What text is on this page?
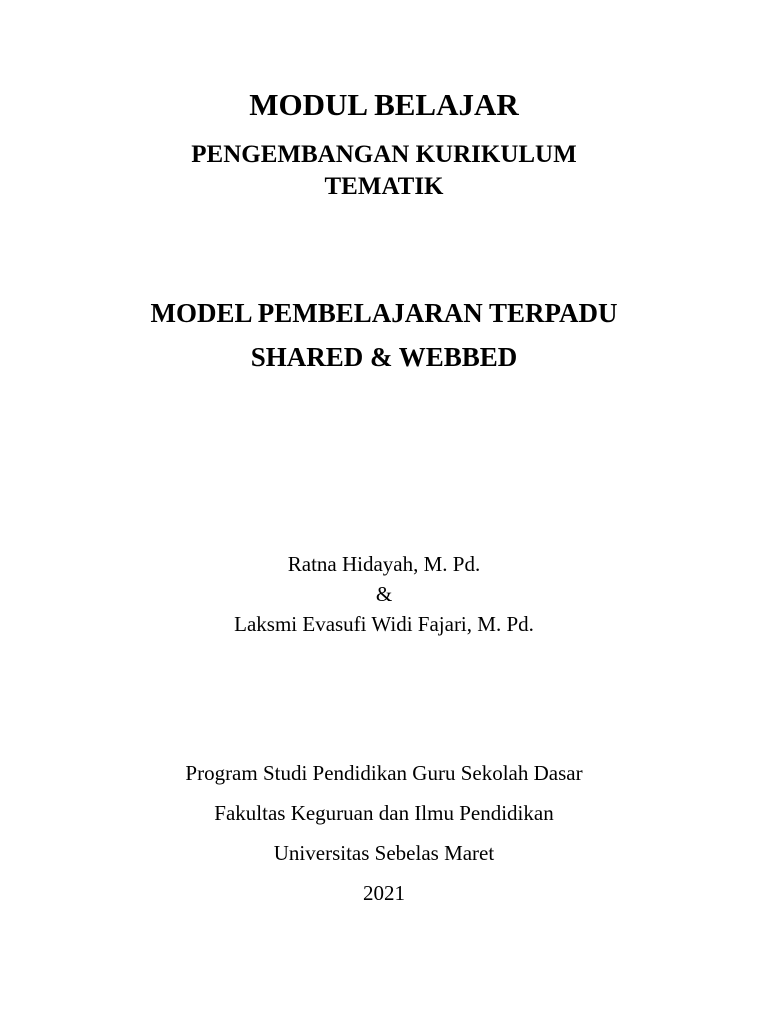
MODUL BELAJAR
PENGEMBANGAN KURIKULUM
TEMATIK
MODEL PEMBELAJARAN TERPADU
SHARED & WEBBED

Ratna Hidayah, M. Pd.

&

Laksmi Evasufi Widi Fajari, M. Pd.

Program Studi Pendidikan Guru Sekolah Dasar

Fakultas Keguruan dan Ilmu Pendidikan

Universitas Sebelas Maret

2021
